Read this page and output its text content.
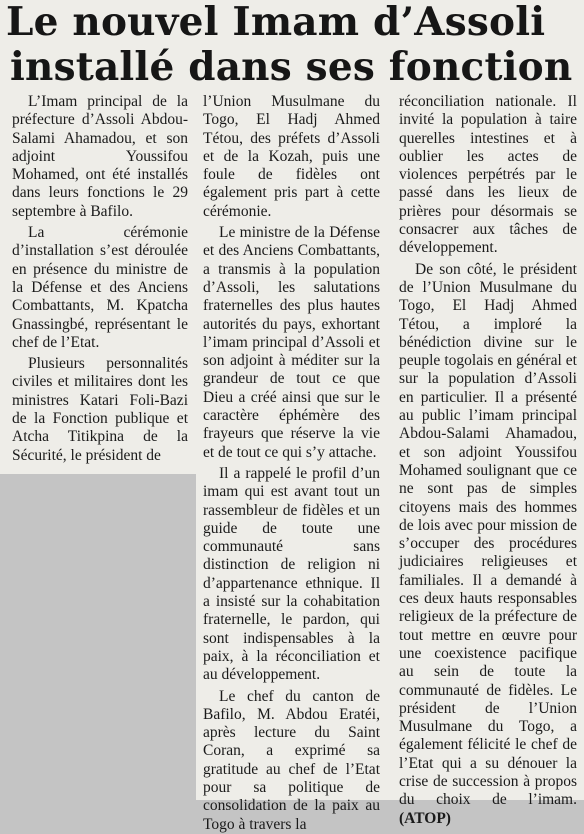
Le nouvel Imam d’Assoli
installé dans ses fonction

L’Imam principal de la préfecture d’Assoli Abdou-Salami Ahamadou, et son adjoint Youssifou Mohamed, ont été installés dans leurs fonctions le 29 septembre à Bafilo.

La cérémonie d’installation s’est déroulée en présence du ministre de la Défense et des Anciens Combattants, M. Kpatcha Gnassingbé, représentant le chef de l’Etat.

Plusieurs personnalités civiles et militaires dont les ministres Katari Foli-Bazi de la Fonction publique et Atcha Titikpina de la Sécurité, le président de

l’Union Musulmane du Togo, El Hadj Ahmed Tétou, des préfets d’Assoli et de la Kozah, puis une foule de fidèles ont également pris part à cette cérémonie.

Le ministre de la Défense et des Anciens Combattants, a transmis à la population d’Assoli, les salutations fraternelles des plus hautes autorités du pays, exhortant l’imam principal d’Assoli et son adjoint à méditer sur la grandeur de tout ce que Dieu a créé ainsi que sur le caractère éphémère des frayeurs que réserve la vie et de tout ce qui s’y attache.

Il a rappelé le profil d’un imam qui est avant tout un rassembleur de fidèles et un guide de toute une communauté sans distinction de religion ni d’appartenance ethnique. Il a insisté sur la cohabitation fraternelle, le pardon, qui sont indispensables à la paix, à la réconciliation et au développement.

Le chef du canton de Bafilo, M. Abdou Eratéi, après lecture du Saint Coran, a exprimé sa gratitude au chef de l’Etat pour sa politique de consolidation de la paix au Togo à travers la

réconciliation nationale. Il invité la population à taire querelles intestines et à oublier les actes de violences perpétrés par le passé dans les lieux de prières pour désormais se consacrer aux tâches de développement.

De son côté, le président de l’Union Musulmane du Togo, El Hadj Ahmed Tétou, a imploré la bénédiction divine sur le peuple togolais en général et sur la population d’Assoli en particulier. Il a présenté au public l’imam principal Abdou-Salami Ahamadou, et son adjoint Youssifou Mohamed soulignant que ce ne sont pas de simples citoyens mais des hommes de lois avec pour mission de s’occuper des procédures judiciaires religieuses et familiales. Il a demandé à ces deux hauts responsables religieux de la préfecture de tout mettre en œuvre pour une coexistence pacifique au sein de toute la communauté de fidèles. Le président de l’Union Musulmane du Togo, a également félicité le chef de l’Etat qui a su dénouer la crise de succession à propos du choix de l’imam. (ATOP)
